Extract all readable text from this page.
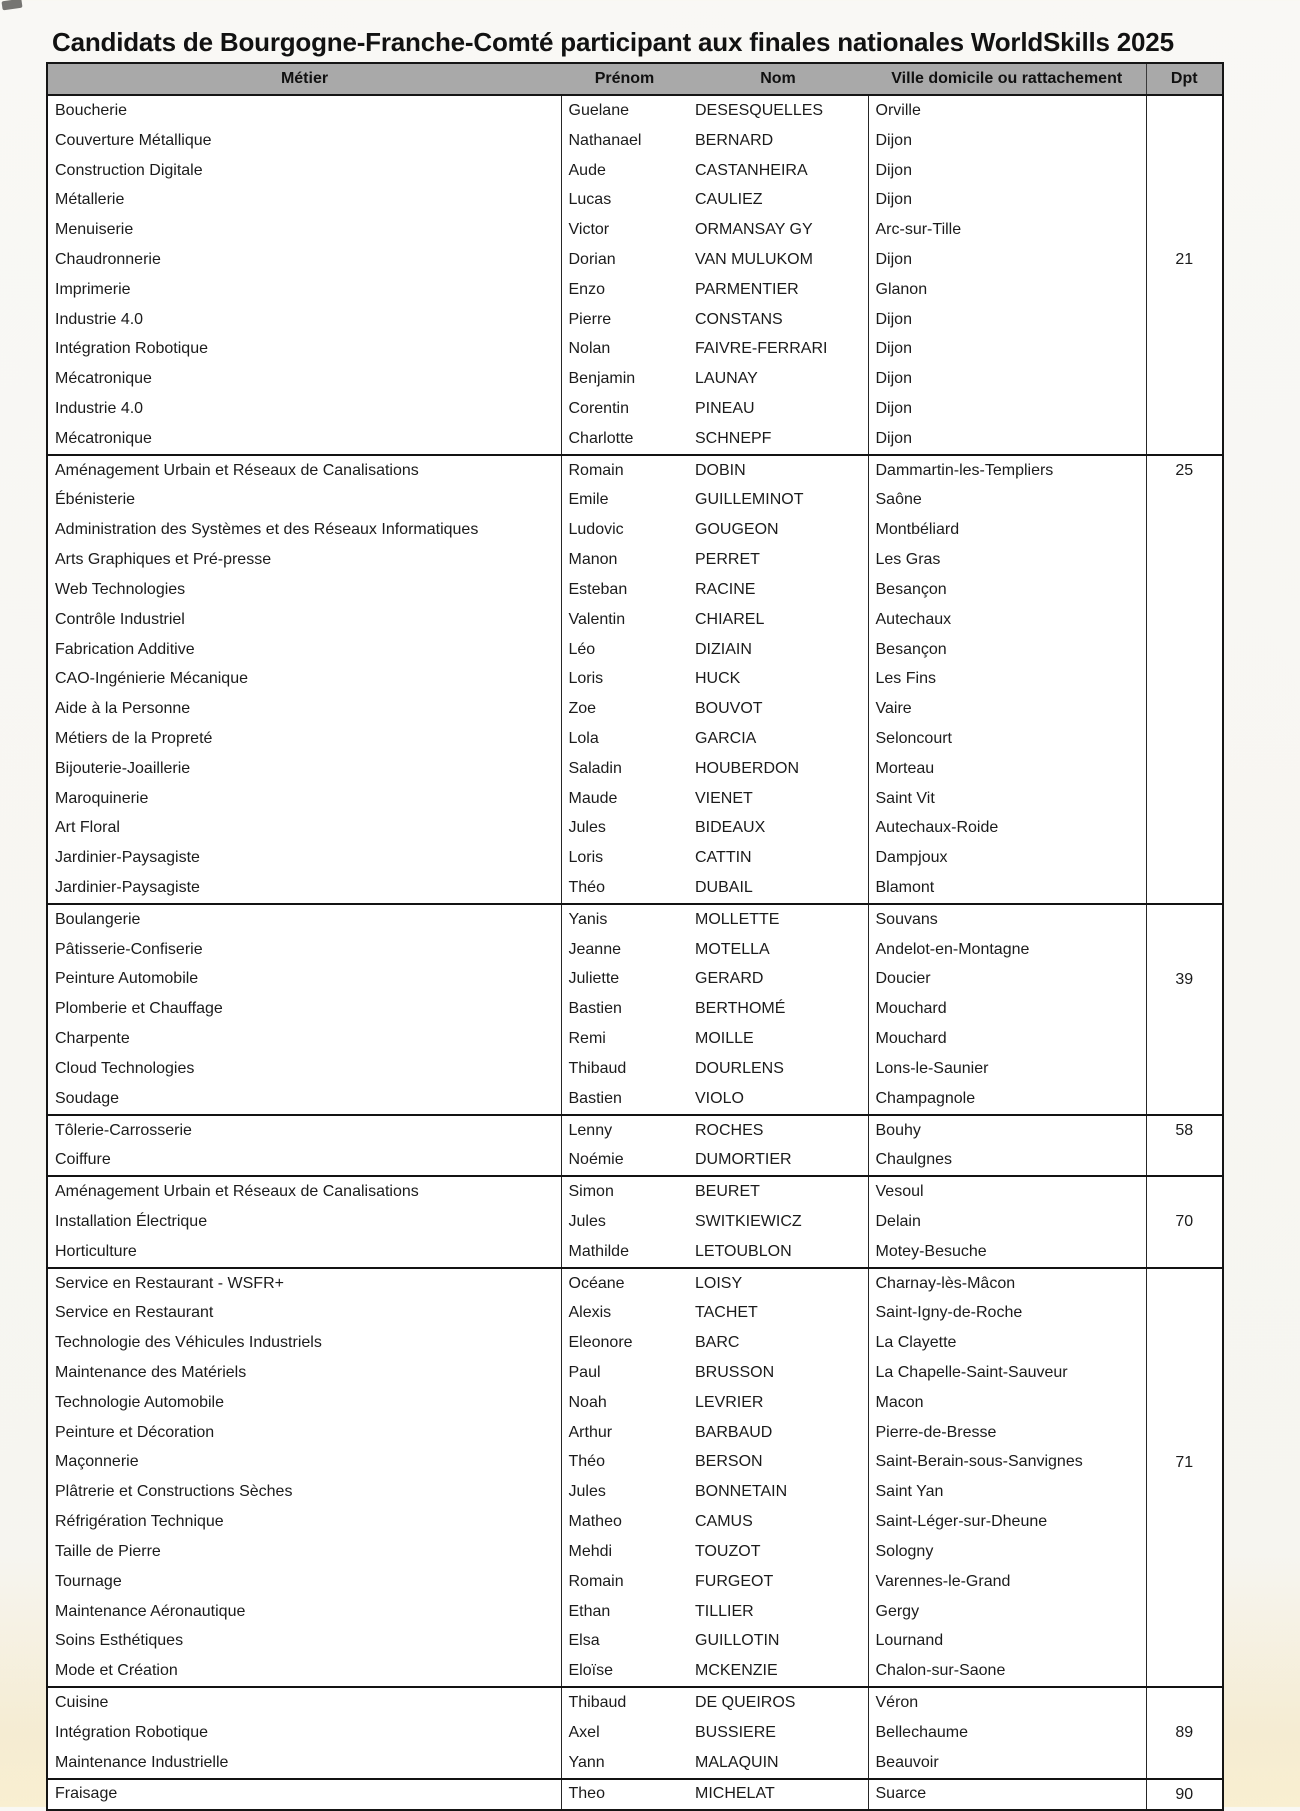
Candidats de Bourgogne-Franche-Comté participant aux finales nationales WorldSkills 2025
Métier	Prénom	Nom	Ville domicile ou rattachement	Dpt
Boucherie	Guelane	DESESQUELLES	Orville	21

Couverture Métallique	Nathanael	BERNARD	Dijon	
Construction Digitale	Aude	CASTANHEIRA	Dijon	
Métallerie	Lucas	CAULIEZ	Dijon	
Menuiserie	Victor	ORMANSAY GY	Arc-sur-Tille	
Chaudronnerie	Dorian	VAN MULUKOM	Dijon	
Imprimerie	Enzo	PARMENTIER	Glanon	
Industrie 4.0	Pierre	CONSTANS	Dijon	
Intégration Robotique	Nolan	FAIVRE-FERRARI	Dijon	
Mécatronique	Benjamin	LAUNAY	Dijon	
Industrie 4.0	Corentin	PINEAU	Dijon	
Mécatronique	Charlotte	SCHNEPF	Dijon	
Aménagement Urbain et Réseaux de Canalisations	Romain	DOBIN	Dammartin-les-Templiers	25

Ébénisterie	Emile	GUILLEMINOT	Saône	
Administration des Systèmes et des Réseaux Informatiques	Ludovic	GOUGEON	Montbéliard	
Arts Graphiques et Pré-presse	Manon	PERRET	Les Gras	
Web Technologies	Esteban	RACINE	Besançon	
Contrôle Industriel	Valentin	CHIAREL	Autechaux	
Fabrication Additive	Léo	DIZIAIN	Besançon	
CAO-Ingénierie Mécanique	Loris	HUCK	Les Fins	
Aide à la Personne	Zoe	BOUVOT	Vaire	
Métiers de la Propreté	Lola	GARCIA	Seloncourt	
Bijouterie-Joaillerie	Saladin	HOUBERDON	Morteau	
Maroquinerie	Maude	VIENET	Saint Vit	
Art Floral	Jules	BIDEAUX	Autechaux-Roide	
Jardinier-Paysagiste	Loris	CATTIN	Dampjoux	
Jardinier-Paysagiste	Théo	DUBAIL	Blamont	
Boulangerie	Yanis	MOLLETTE	Souvans	39

Pâtisserie-Confiserie	Jeanne	MOTELLA	Andelot-en-Montagne	
Peinture Automobile	Juliette	GERARD	Doucier	
Plomberie et Chauffage	Bastien	BERTHOMÉ	Mouchard	
Charpente	Remi	MOILLE	Mouchard	
Cloud Technologies	Thibaud	DOURLENS	Lons-le-Saunier	
Soudage	Bastien	VIOLO	Champagnole	
Tôlerie-Carrosserie	Lenny	ROCHES	Bouhy	58

Coiffure	Noémie	DUMORTIER	Chaulgnes	
Aménagement Urbain et Réseaux de Canalisations	Simon	BEURET	Vesoul	70

Installation Électrique	Jules	SWITKIEWICZ	Delain	
Horticulture	Mathilde	LETOUBLON	Motey-Besuche	
Service en Restaurant - WSFR+	Océane	LOISY	Charnay-lès-Mâcon	71

Service en Restaurant	Alexis	TACHET	Saint-Igny-de-Roche	
Technologie des Véhicules Industriels	Eleonore	BARC	La Clayette	
Maintenance des Matériels	Paul	BRUSSON	La Chapelle-Saint-Sauveur	
Technologie Automobile	Noah	LEVRIER	Macon	
Peinture et Décoration	Arthur	BARBAUD	Pierre-de-Bresse	
Maçonnerie	Théo	BERSON	Saint-Berain-sous-Sanvignes	
Plâtrerie et Constructions Sèches	Jules	BONNETAIN	Saint Yan	
Réfrigération Technique	Matheo	CAMUS	Saint-Léger-sur-Dheune	
Taille de Pierre	Mehdi	TOUZOT	Sologny	
Tournage	Romain	FURGEOT	Varennes-le-Grand	
Maintenance Aéronautique	Ethan	TILLIER	Gergy	
Soins Esthétiques	Elsa	GUILLOTIN	Lournand	
Mode et Création	Eloïse	MCKENZIE	Chalon-sur-Saone	
Cuisine	Thibaud	DE QUEIROS	Véron	89

Intégration Robotique	Axel	BUSSIERE	Bellechaume	
Maintenance Industrielle	Yann	MALAQUIN	Beauvoir	
Fraisage	Theo	MICHELAT	Suarce	90
